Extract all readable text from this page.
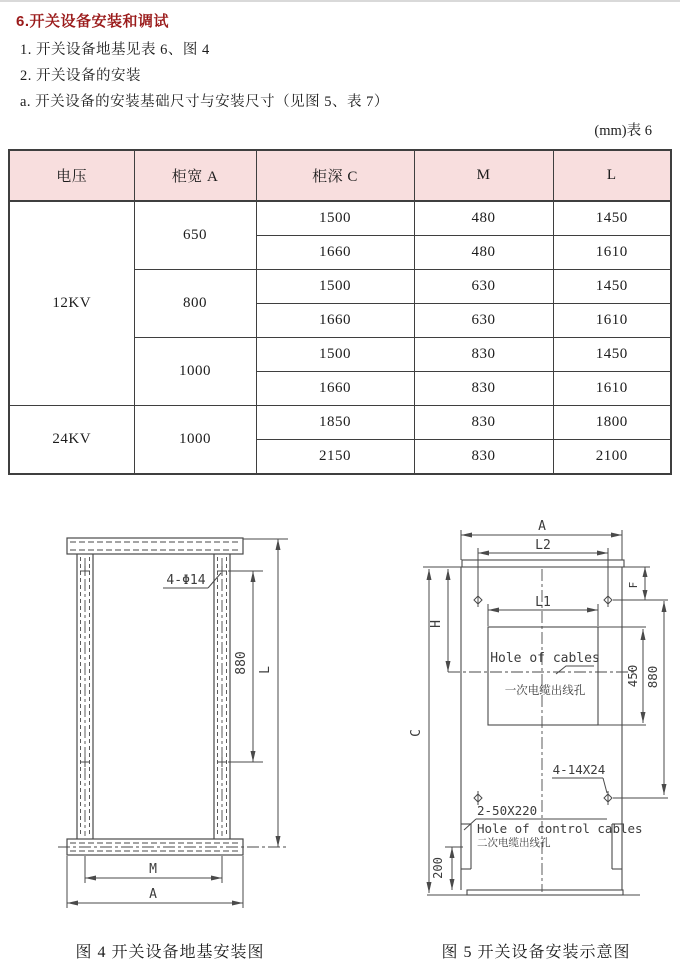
6.开关设备安装和调试
1. 开关设备地基见表 6、图 4
2. 开关设备的安装
a. 开关设备的安装基础尺寸与安装尺寸（见图 5、表 7）
(mm)表 6
电压	柜宽 A	柜深 C	M	L
12KV	650	1500	480	1450
		1660	480	1610
	800	1500	630	1450
		1660	630	1610
	1000	1500	830	1450
		1660	830	1610
24KV	1000	1850	830	1800
		2150	830	2100
4-Φ14
880 L
M
A
A
L2
L1
C
H
F
450 880
200
Hole of cables
一次电缆出线孔
4-14X24
2-50X220
Hole of control cables
二次电缆出线孔
图 4 开关设备地基安装图	图 5 开关设备安装示意图
